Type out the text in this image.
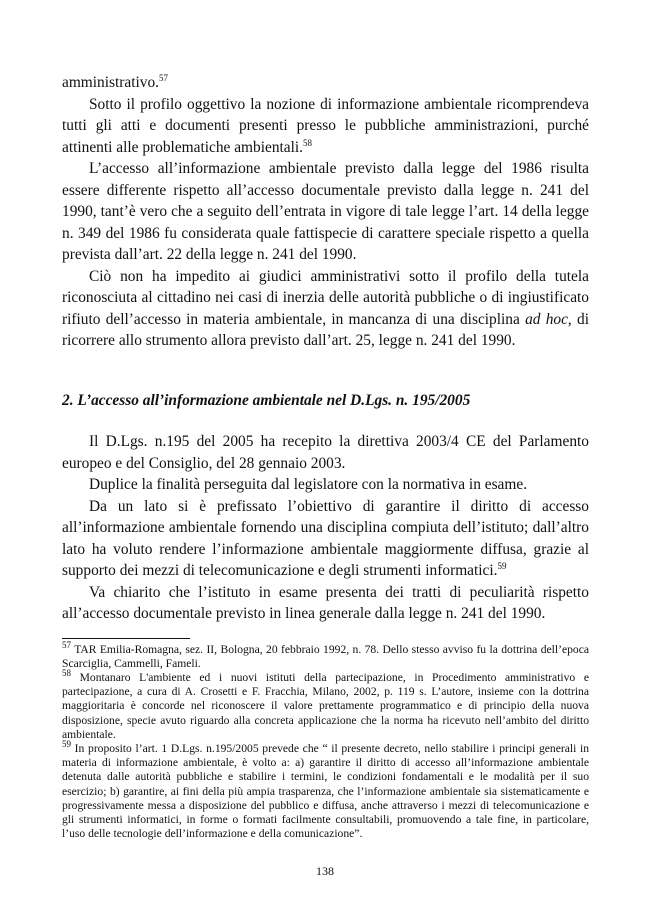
amministrativo.$^{57}$

Sotto il profilo oggettivo la nozione di informazione ambientale ricomprendeva tutti gli atti e documenti presenti presso le pubbliche amministrazioni, purché attinenti alle problematiche ambientali.$^{58}$

L’accesso all’informazione ambientale previsto dalla legge del 1986 risulta essere differente rispetto all’accesso documentale previsto dalla legge n. 241 del 1990, tant’è vero che a seguito dell’entrata in vigore di tale legge l’art. 14 della legge n. 349 del 1986 fu considerata quale fattispecie di carattere speciale rispetto a quella prevista dall’art. 22 della legge n. 241 del 1990.

Ciò non ha impedito ai giudici amministrativi sotto il profilo della tutela riconosciuta al cittadino nei casi di inerzia delle autorità pubbliche o di ingiustificato rifiuto dell’accesso in materia ambientale, in mancanza di una disciplina ad hoc, di ricorrere allo strumento allora previsto dall’art. 25, legge n. 241 del 1990.

2. L’accesso all’informazione ambientale nel D.Lgs. n. 195/2005

Il D.Lgs. n.195 del 2005 ha recepito la direttiva 2003/4 CE del Parlamento europeo e del Consiglio, del 28 gennaio 2003.

Duplice la finalità perseguita dal legislatore con la normativa in esame.

Da un lato si è prefissato l’obiettivo di garantire il diritto di accesso all’informazione ambientale fornendo una disciplina compiuta dell’istituto; dall’altro lato ha voluto rendere l’informazione ambientale maggiormente diffusa, grazie al supporto dei mezzi di telecomunicazione e degli strumenti informatici.$^{59}$

Va chiarito che l’istituto in esame presenta dei tratti di peculiarità rispetto all’accesso documentale previsto in linea generale dalla legge n. 241 del 1990.

$^{57}$ TAR Emilia-Romagna, sez. II, Bologna, 20 febbraio 1992, n. 78. Dello stesso avviso fu la dottrina dell’epoca Scarciglia, Cammelli, Fameli.

$^{58}$ Montanaro L'ambiente ed i nuovi istituti della partecipazione, in Procedimento amministrativo e partecipazione, a cura di A. Crosetti e F. Fracchia, Milano, 2002, p. 119 s. L’autore, insieme con la dottrina maggioritaria è concorde nel riconoscere il valore prettamente programmatico e di principio della nuova disposizione, specie avuto riguardo alla concreta applicazione che la norma ha ricevuto nell’ambito del diritto ambientale.

$^{59}$ In proposito l’art. 1 D.Lgs. n.195/2005 prevede che “ il presente decreto, nello stabilire i principi generali in materia di informazione ambientale, è volto a: a) garantire il diritto di accesso all’informazione ambientale detenuta dalle autorità pubbliche e stabilire i termini, le condizioni fondamentali e le modalità per il suo esercizio; b) garantire, ai fini della più ampia trasparenza, che l’informazione ambientale sia sistematicamente e progressivamente messa a disposizione del pubblico e diffusa, anche attraverso i mezzi di telecomunicazione e gli strumenti informatici, in forme o formati facilmente consultabili, promuovendo a tale fine, in particolare, l’uso delle tecnologie dell’informazione e della comunicazione”.

138
